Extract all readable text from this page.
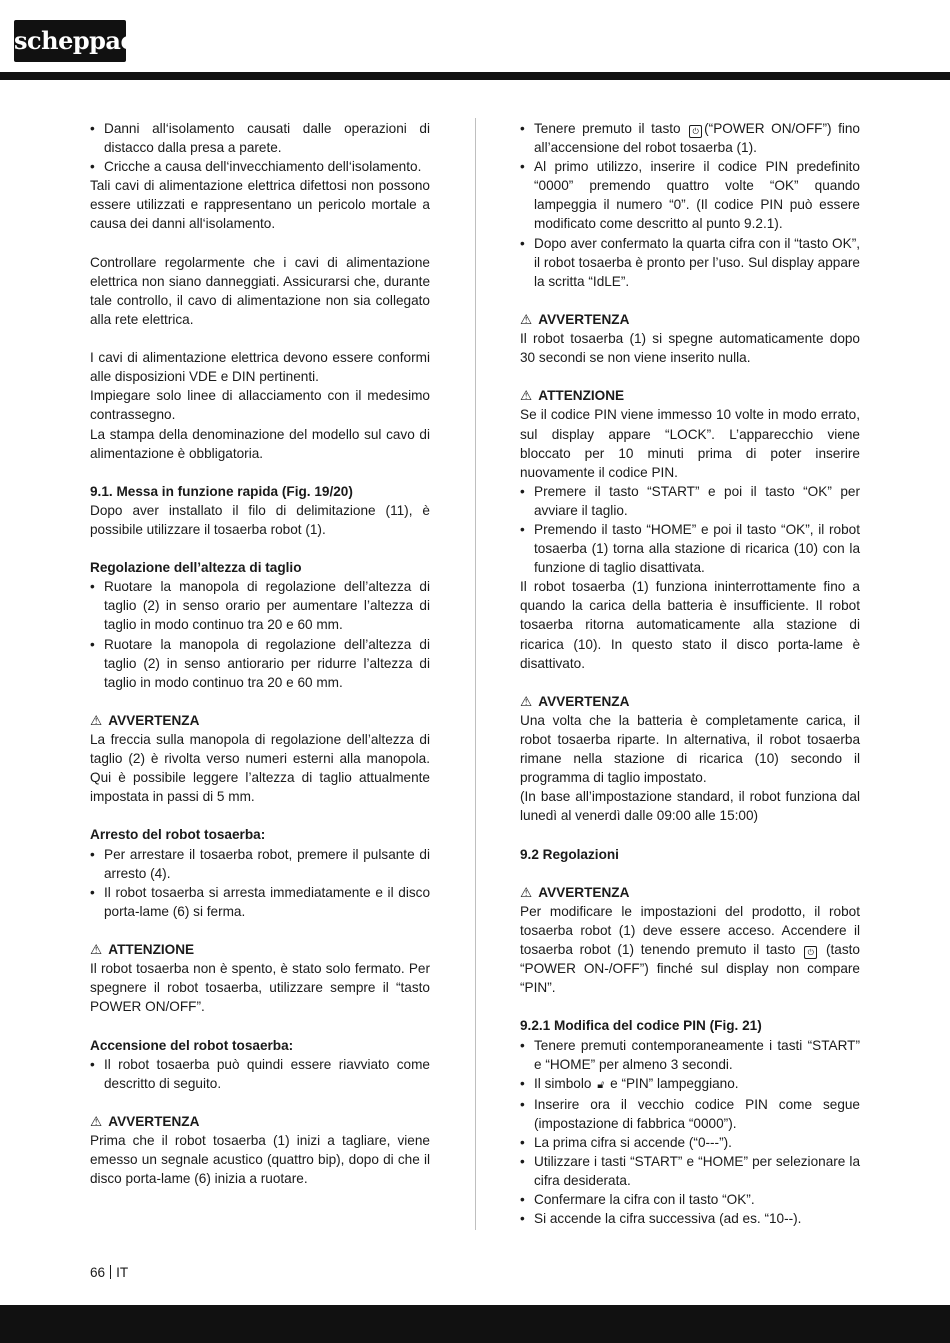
scheppach
• Danni all‘isolamento causati dalle operazioni di distacco dalla presa a parete.
• Cricche a causa dell‘invecchiamento dell‘isolamento.

Tali cavi di alimentazione elettrica difettosi non possono essere utilizzati e rappresentano un pericolo mortale a causa dei danni all‘isolamento.

Controllare regolarmente che i cavi di alimentazione elettrica non siano danneggiati. Assicurarsi che, durante tale controllo, il cavo di alimentazione non sia collegato alla rete elettrica.

I cavi di alimentazione elettrica devono essere conformi alle disposizioni VDE e DIN pertinenti.

Impiegare solo linee di allacciamento con il medesimo contrassegno.

La stampa della denominazione del modello sul cavo di alimentazione è obbligatoria.

9.1. Messa in funzione rapida (Fig. 19/20)

Dopo aver installato il filo di delimitazione (11), è possibile utilizzare il tosaerba robot (1).

Regolazione dell’altezza di taglio

• Ruotare la manopola di regolazione dell’altezza di taglio (2) in senso orario per aumentare l’altezza di taglio in modo continuo tra 20 e 60 mm.
• Ruotare la manopola di regolazione dell’altezza di taglio (2) in senso antiorario per ridurre l’altezza di taglio in modo continuo tra 20 e 60 mm.

⚠ AVVERTENZA

La freccia sulla manopola di regolazione dell’altezza di taglio (2) è rivolta verso numeri esterni alla manopola. Qui è possibile leggere l’altezza di taglio attualmente impostata in passi di 5 mm.

Arresto del robot tosaerba:

• Per arrestare il tosaerba robot, premere il pulsante di arresto (4).
• Il robot tosaerba si arresta immediatamente e il disco porta-lame (6) si ferma.

⚠ ATTENZIONE

Il robot tosaerba non è spento, è stato solo fermato. Per spegnere il robot tosaerba, utilizzare sempre il “tasto POWER ON/OFF”.

Accensione del robot tosaerba:

• Il robot tosaerba può quindi essere riavviato come descritto di seguito.

⚠ AVVERTENZA

Prima che il robot tosaerba (1) inizi a tagliare, viene emesso un segnale acustico (quattro bip), dopo di che il disco porta-lame (6) inizia a ruotare.

• Tenere premuto il tasto ⏻ (“POWER ON/OFF”) fino all’accensione del robot tosaerba (1).
• Al primo utilizzo, inserire il codice PIN predefinito “0000” premendo quattro volte “OK” quando lampeggia il numero “0”. (Il codice PIN può essere modificato come descritto al punto 9.2.1).
• Dopo aver confermato la quarta cifra con il “tasto OK”, il robot tosaerba è pronto per l’uso. Sul display appare la scritta “IdLE”.

⚠ AVVERTENZA

Il robot tosaerba (1) si spegne automaticamente dopo 30 secondi se non viene inserito nulla.

⚠ ATTENZIONE

Se il codice PIN viene immesso 10 volte in modo errato, sul display appare “LOCK”. L’apparecchio viene bloccato per 10 minuti prima di poter inserire nuovamente il codice PIN.

• Premere il tasto “START” e poi il tasto “OK” per avviare il taglio.
• Premendo il tasto “HOME” e poi il tasto “OK”, il robot tosaerba (1) torna alla stazione di ricarica (10) con la funzione di taglio disattivata.

Il robot tosaerba (1) funziona ininterrottamente fino a quando la carica della batteria è insufficiente. Il robot tosaerba ritorna automaticamente alla stazione di ricarica (10). In questo stato il disco porta-lame è disattivato.

⚠ AVVERTENZA

Una volta che la batteria è completamente carica, il robot tosaerba riparte. In alternativa, il robot tosaerba rimane nella stazione di ricarica (10) secondo il programma di taglio impostato.

(In base all’impostazione standard, il robot funziona dal lunedì al venerdì dalle 09:00 alle 15:00)

9.2 Regolazioni

⚠ AVVERTENZA

Per modificare le impostazioni del prodotto, il robot tosaerba robot (1) deve essere acceso. Accendere il tosaerba robot (1) tenendo premuto il tasto ⏻ (tasto “POWER ON-/OFF”) finché sul display non compare “PIN”.

9.2.1 Modifica del codice PIN (Fig. 21)

• Tenere premuti contemporaneamente i tasti “START” e “HOME” per almeno 3 secondi.
• Il simbolo 🔓︎ e “PIN” lampeggiano.
• Inserire ora il vecchio codice PIN come segue (impostazione di fabbrica “0000”).
• La prima cifra si accende (“0---”).
• Utilizzare i tasti “START” e “HOME” per selezionare la cifra desiderata.
• Confermare la cifra con il tasto “OK”.
• Si accende la cifra successiva (ad es. “10--).
66 IT
